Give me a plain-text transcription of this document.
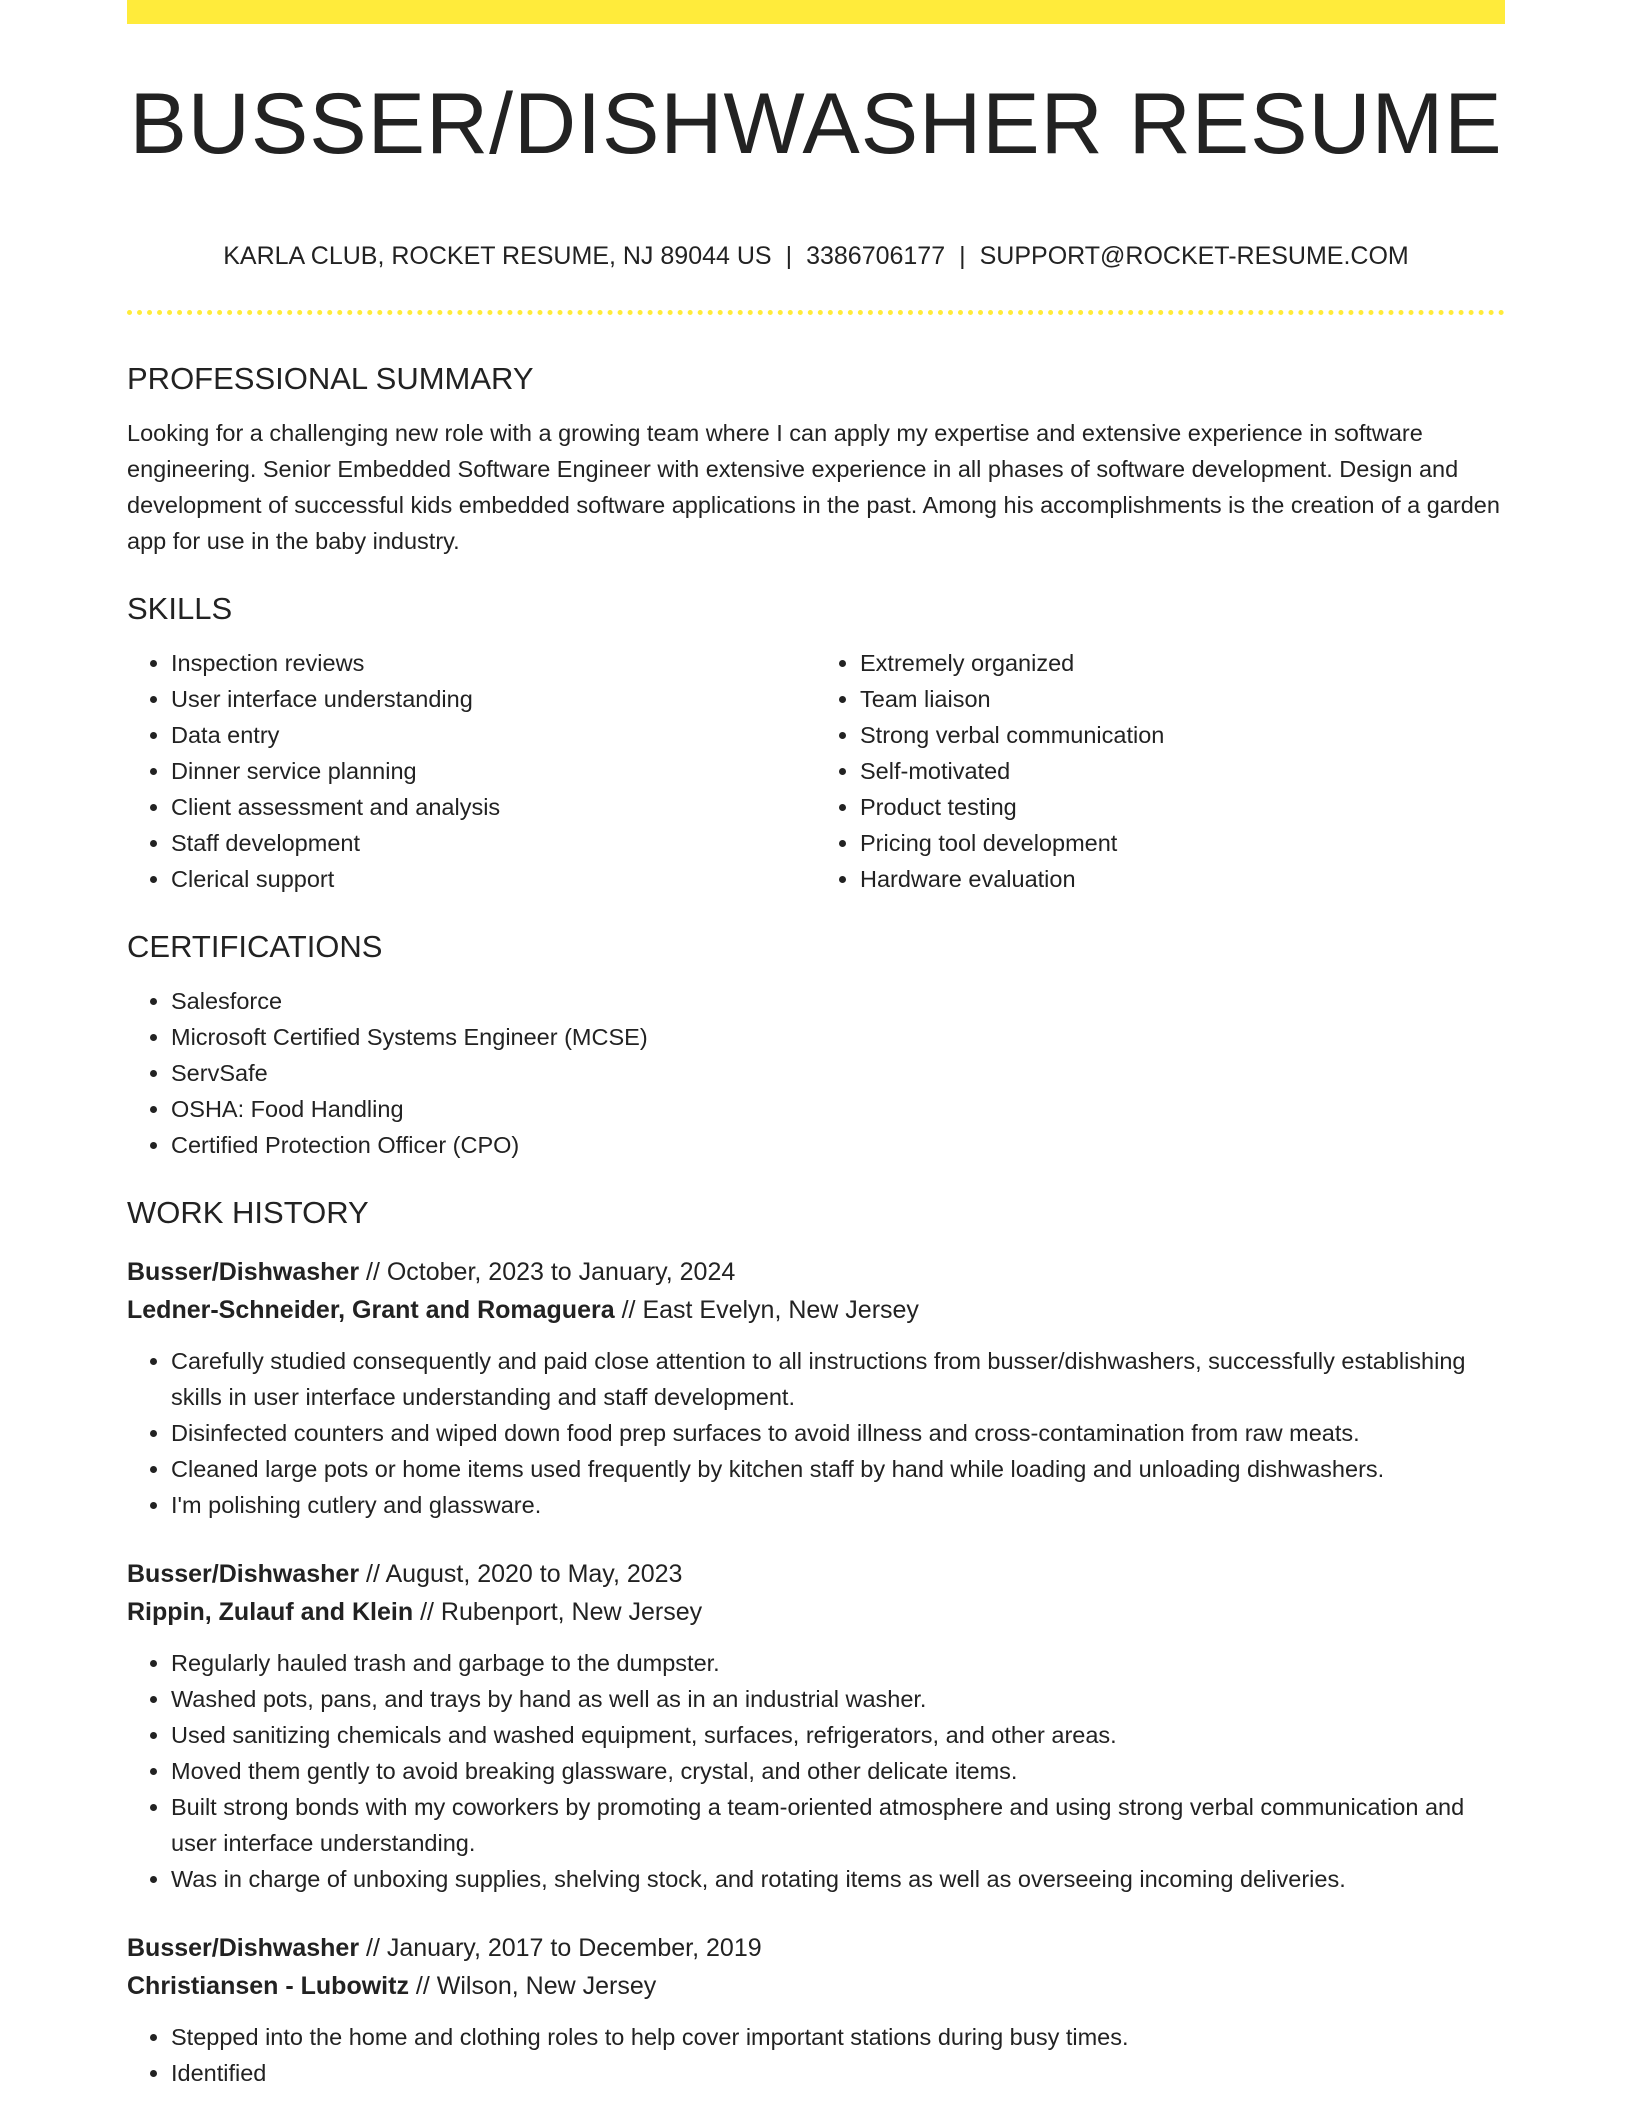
BUSSER/DISHWASHER RESUME
KARLA CLUB, ROCKET RESUME, NJ 89044 US | 3386706177 | SUPPORT@ROCKET-RESUME.COM
PROFESSIONAL SUMMARY

Looking for a challenging new role with a growing team where I can apply my expertise and extensive experience in software engineering. Senior Embedded Software Engineer with extensive experience in all phases of software development. Design and development of successful kids embedded software applications in the past. Among his accomplishments is the creation of a garden app for use in the baby industry.

SKILLS
• Inspection reviews
• User interface understanding
• Data entry
• Dinner service planning
• Client assessment and analysis
• Staff development
• Clerical support
• Extremely organized
• Team liaison
• Strong verbal communication
• Self-motivated
• Product testing
• Pricing tool development
• Hardware evaluation
CERTIFICATIONS
• Salesforce
• Microsoft Certified Systems Engineer (MCSE)
• ServSafe
• OSHA: Food Handling
• Certified Protection Officer (CPO)
WORK HISTORY
Busser/Dishwasher // October, 2023 to January, 2024
Ledner-Schneider, Grant and Romaguera // East Evelyn, New Jersey
• Carefully studied consequently and paid close attention to all instructions from busser/dishwashers, successfully establishing skills in user interface understanding and staff development.
• Disinfected counters and wiped down food prep surfaces to avoid illness and cross-contamination from raw meats.
• Cleaned large pots or home items used frequently by kitchen staff by hand while loading and unloading dishwashers.
• I'm polishing cutlery and glassware.
Busser/Dishwasher // August, 2020 to May, 2023
Rippin, Zulauf and Klein // Rubenport, New Jersey
• Regularly hauled trash and garbage to the dumpster.
• Washed pots, pans, and trays by hand as well as in an industrial washer.
• Used sanitizing chemicals and washed equipment, surfaces, refrigerators, and other areas.
• Moved them gently to avoid breaking glassware, crystal, and other delicate items.
• Built strong bonds with my coworkers by promoting a team-oriented atmosphere and using strong verbal communication and user interface understanding.
• Was in charge of unboxing supplies, shelving stock, and rotating items as well as overseeing incoming deliveries.
Busser/Dishwasher // January, 2017 to December, 2019
Christiansen - Lubowitz // Wilson, New Jersey
• Stepped into the home and clothing roles to help cover important stations during busy times.
• Identified
